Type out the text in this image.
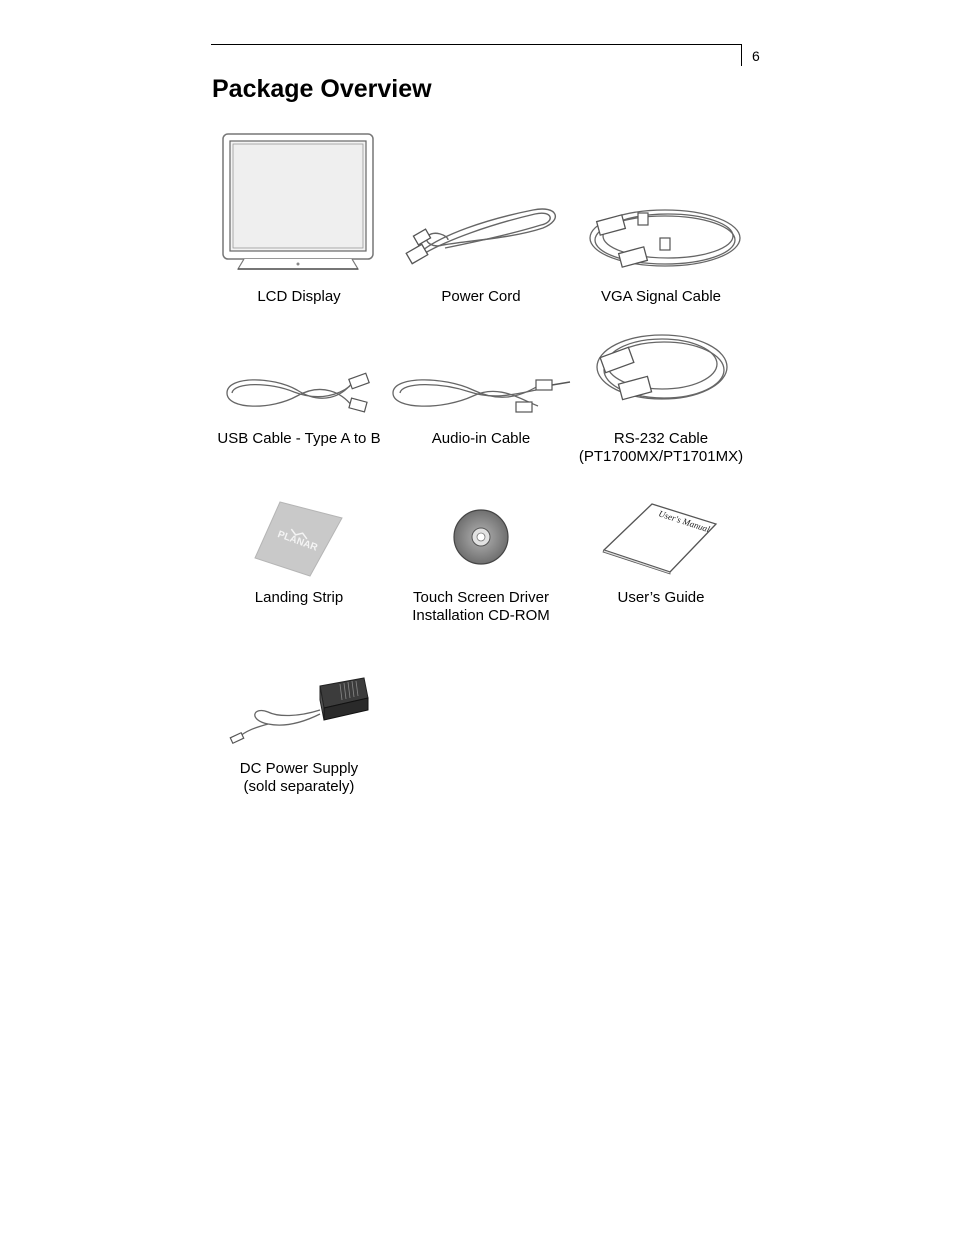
6
Package Overview
LCD Display	Power Cord	VGA Signal Cable
USB Cable - Type A to B	Audio-in Cable	RS-232 Cable
(PT1700MX/PT1701MX)
PLANAR
Landing Strip	Touch Screen Driver
Installation CD-ROM
User's Manual
User’s Guide
DC Power Supply
(sold separately)
